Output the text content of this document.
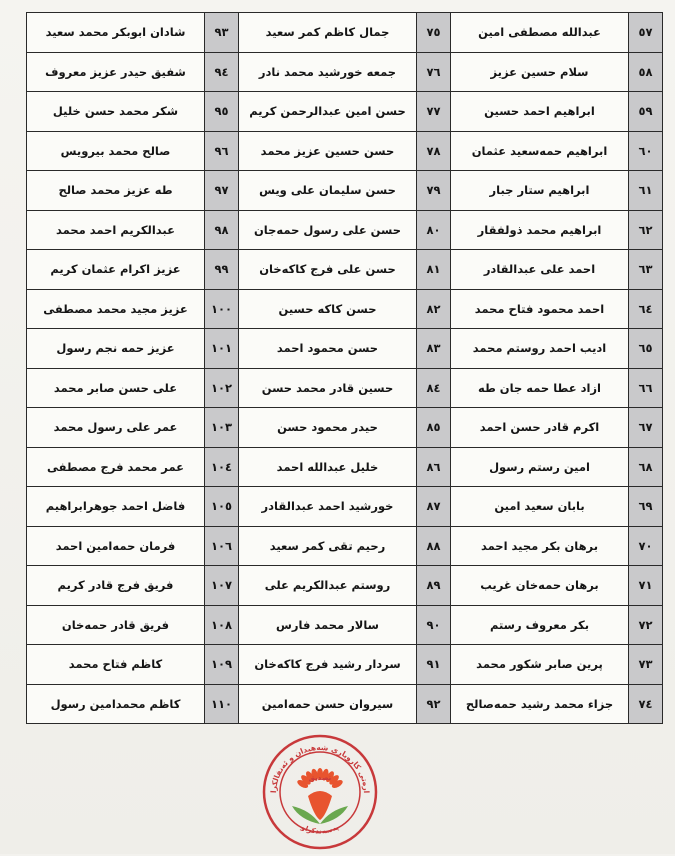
٥٧	عبدالله مصطفى امين	٧٥	جمال كاظم كمر سعيد	٩٣	شادان ابوبكر محمد سعيد
٥٨	سلام حسين عزيز	٧٦	جمعه خورشيد محمد نادر	٩٤	شفيق حيدر عزيز معروف
٥٩	ابراهيم احمد حسين	٧٧	حسن امين عبدالرحمن كريم	٩٥	شكر محمد حسن خليل
٦٠	ابراهيم حمه‌سعيد عثمان	٧٨	حسن حسين عزيز محمد	٩٦	صالح محمد بيرويس
٦١	ابراهيم ستار جبار	٧٩	حسن سليمان على ويس	٩٧	طه عزيز محمد صالح
٦٢	ابراهيم محمد ذولفقار	٨٠	حسن على رسول حمه‌جان	٩٨	عبدالكريم احمد محمد
٦٣	احمد على عبدالقادر	٨١	حسن على فرج كاكه‌خان	٩٩	عزيز اكرام عثمان كريم
٦٤	احمد محمود فتاح محمد	٨٢	حسن كاكه حسين	١٠٠	عزيز مجيد محمد مصطفى
٦٥	اديب احمد روستم محمد	٨٣	حسن محمود احمد	١٠١	عزيز حمه نجم رسول
٦٦	ازاد عطا حمه جان طه	٨٤	حسين قادر محمد حسن	١٠٢	على حسن صابر محمد
٦٧	اكرم قادر حسن احمد	٨٥	حيدر محمود حسن	١٠٣	عمر على رسول محمد
٦٨	امين رستم رسول	٨٦	خليل عبدالله احمد	١٠٤	عمر محمد فرج مصطفى
٦٩	بابان سعيد امين	٨٧	خورشيد احمد عبدالقادر	١٠٥	فاضل احمد جوهرابراهيم
٧٠	برهان بكر مجيد احمد	٨٨	رحيم تقى كمر سعيد	١٠٦	فرمان حمه‌امين احمد
٧١	برهان حمه‌خان غريب	٨٩	روستم عبدالكريم على	١٠٧	فريق فرج قادر كريم
٧٢	بكر معروف رستم	٩٠	سالار محمد فارس	١٠٨	فريق قادر حمه‌خان
٧٣	پرين صابر شكور محمد	٩١	سردار رشيد فرج كاكه‌خان	١٠٩	كاظم فتاح محمد
٧٤	جزاء محمد رشيد حمه‌صالح	٩٢	سيروان حسن حمه‌امين	١١٠	كاظم محمدامين رسول
اره‌تی كاروباری شه‌هیدان و ئه‌نفالكرا
په‌سه‌ندكراو
تصدیق
